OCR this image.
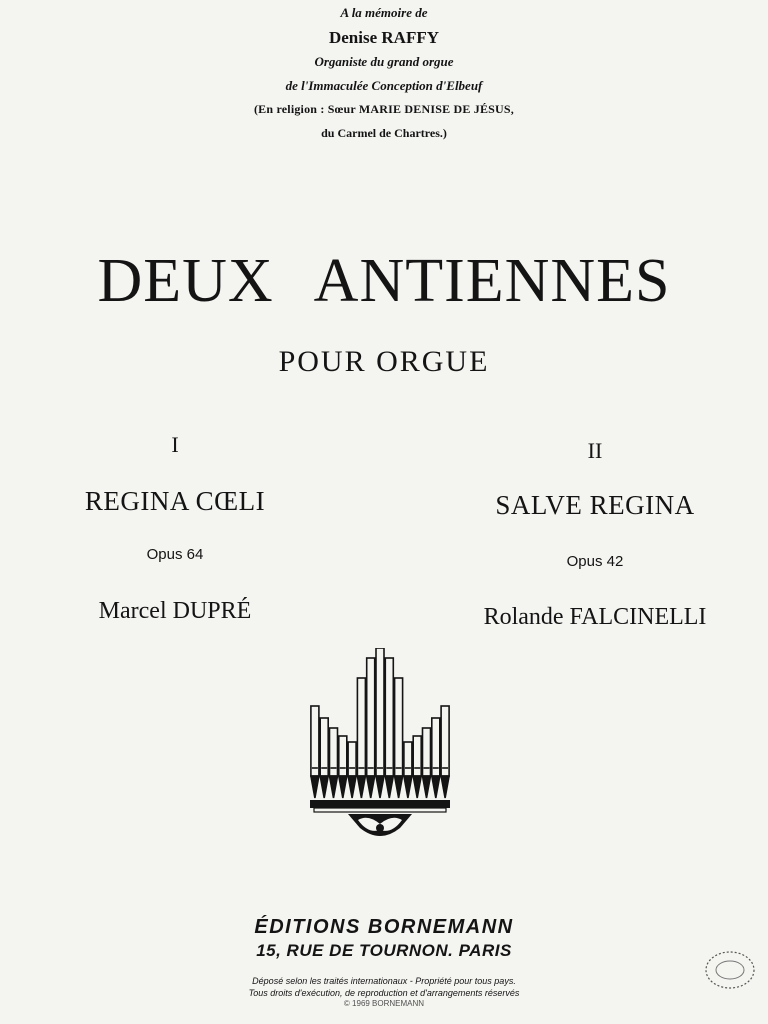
A la mémoire de
Denise RAFFY
Organiste du grand orgue
de l'Immaculée Conception d'Elbeuf
(En religion : Sœur MARIE DENISE DE JÉSUS,
du Carmel de Chartres.)
DEUX ANTIENNES
POUR ORGUE
I
REGINA CŒLI
Opus 64
Marcel DUPRÉ
II
SALVE REGINA
Opus 42
Rolande FALCINELLI
ÉDITIONS BORNEMANN
15, RUE DE TOURNON. PARIS
Déposé selon les traités internationaux - Propriété pour tous pays.
Tous droits d'exécution, de reproduction et d'arrangements réservés
© 1969 BORNEMANN
